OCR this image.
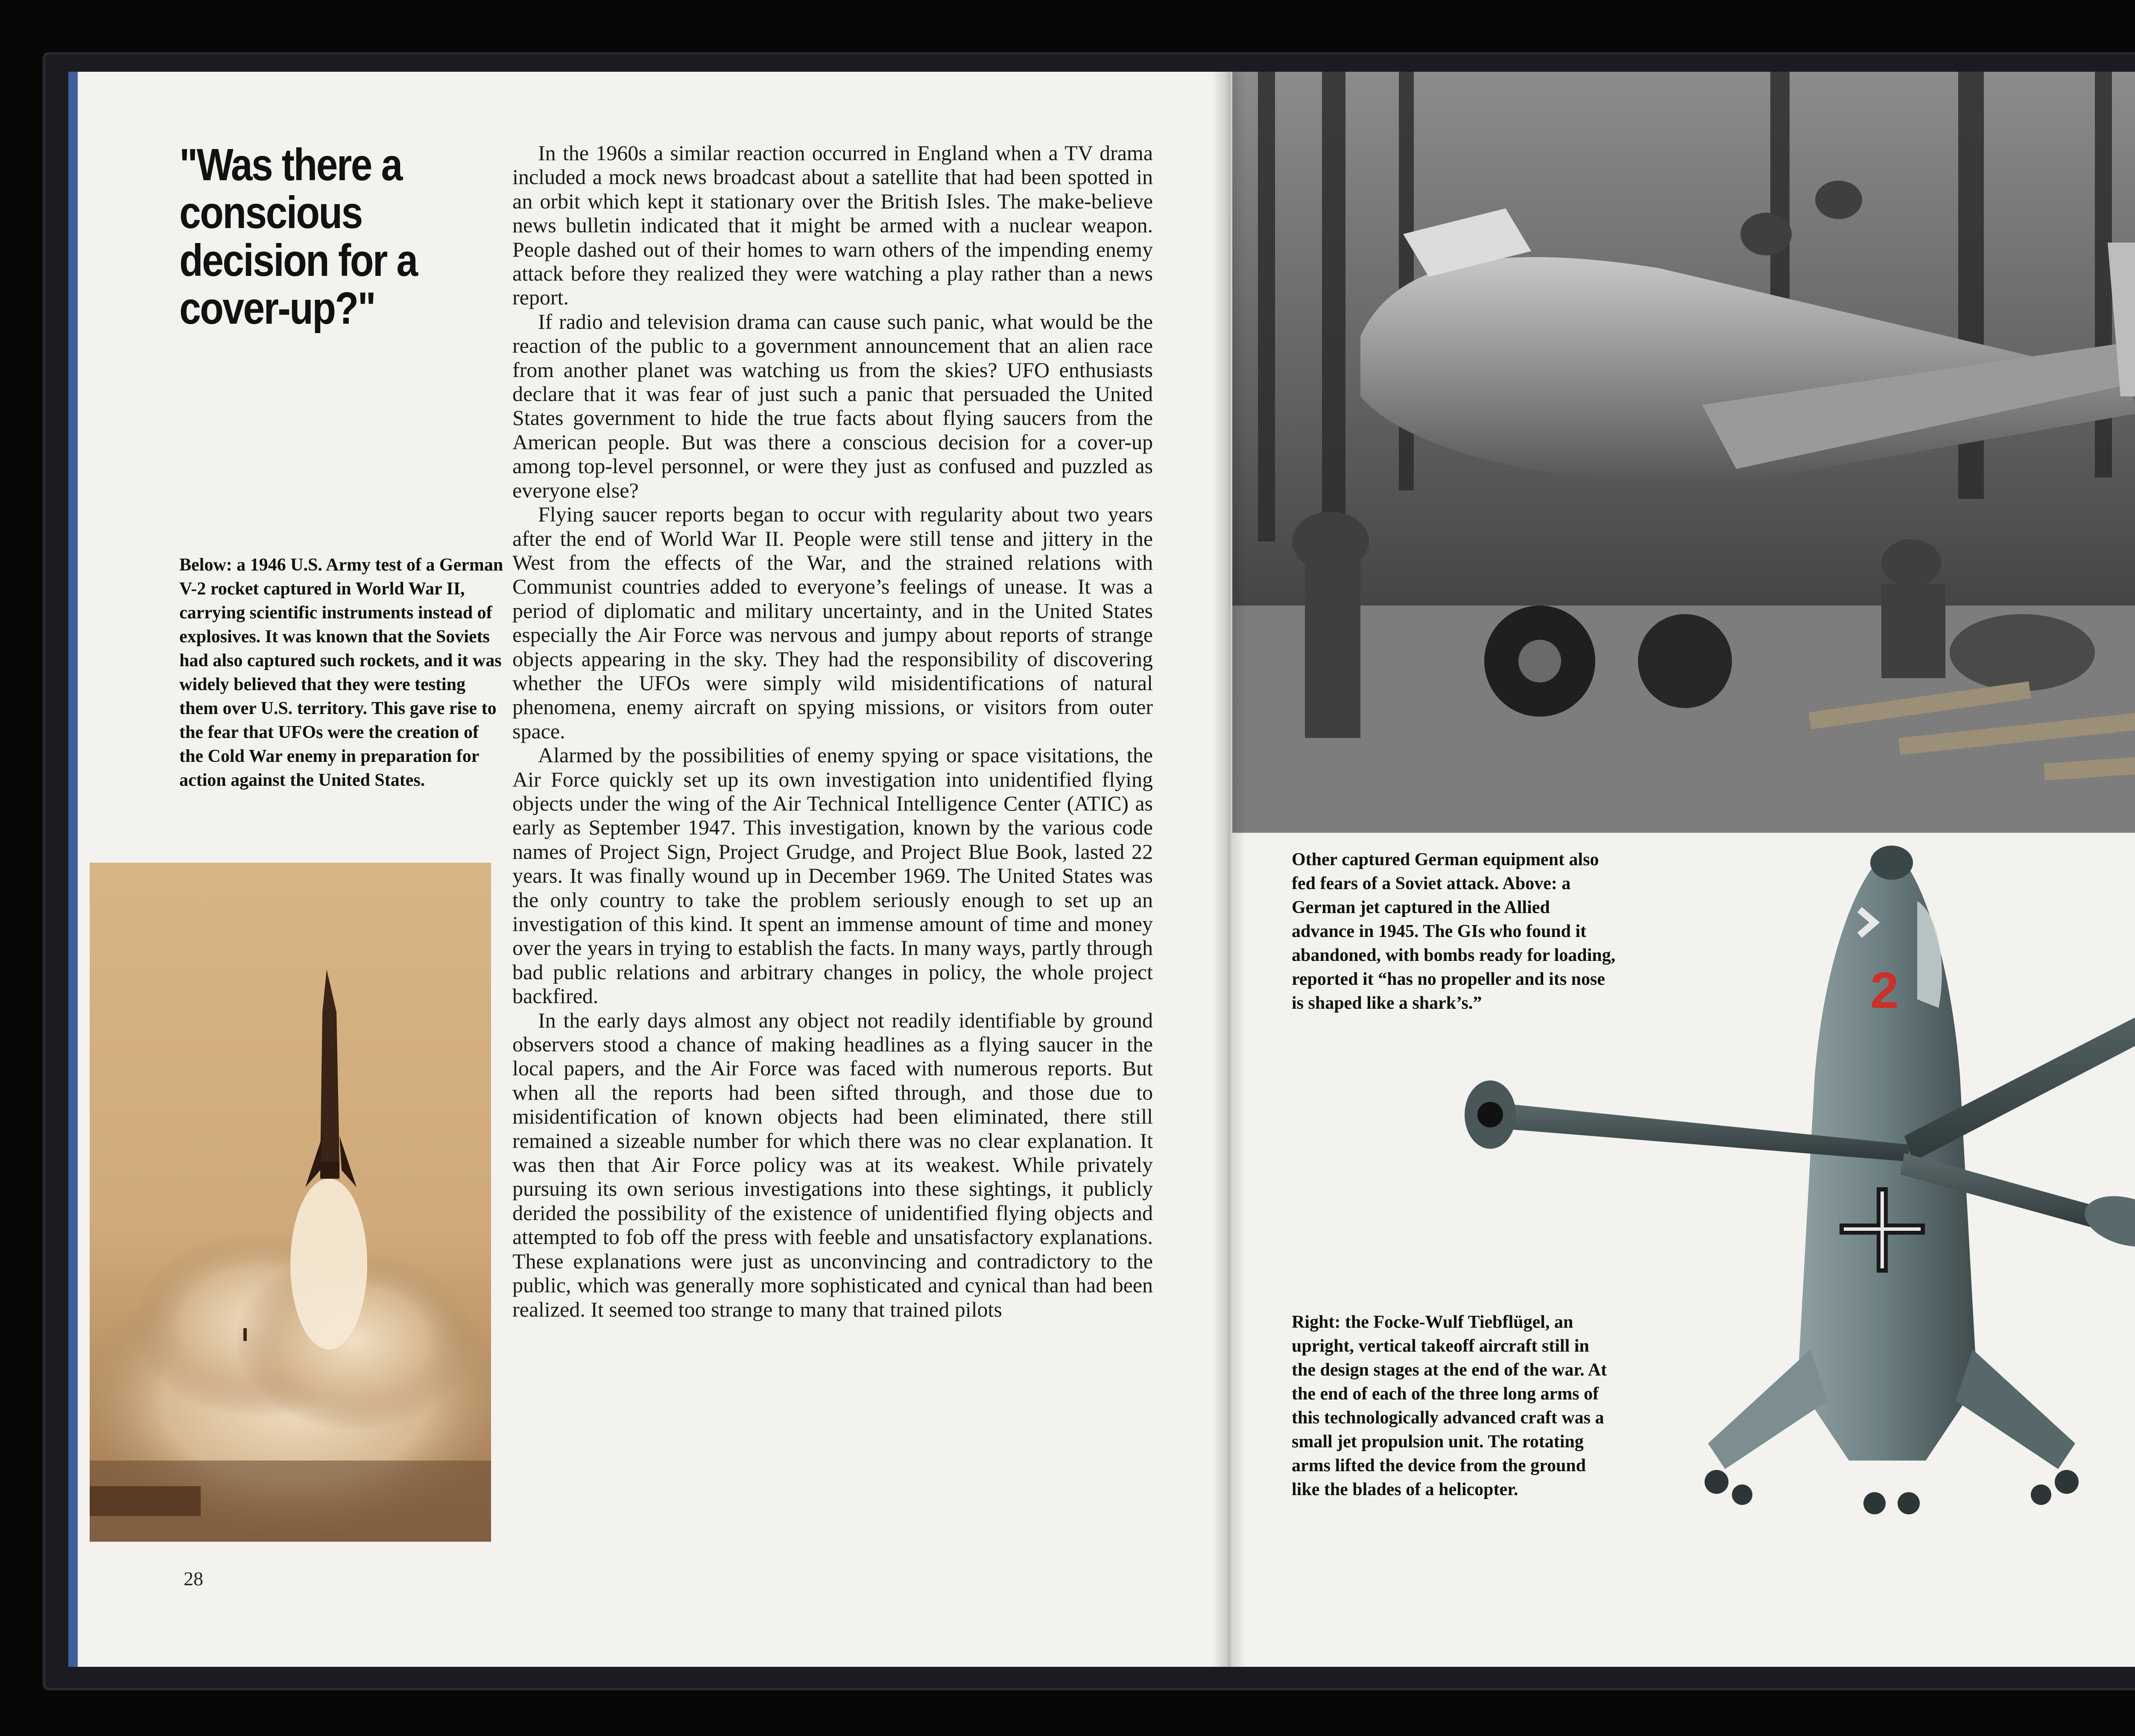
"Was there a conscious decision for a cover-up?"

Below: a 1946 U.S. Army test of a German V-2 rocket captured in World War II, carrying scientific instruments instead of explosives. It was known that the Soviets had also captured such rockets, and it was widely believed that they were testing them over U.S. territory. This gave rise to the fear that UFOs were the creation of the Cold War enemy in preparation for action against the United States.

In the 1960s a similar reaction occurred in England when a TV drama included a mock news broadcast about a satellite that had been spotted in an orbit which kept it stationary over the British Isles. The make-believe news bulletin indicated that it might be armed with a nuclear weapon. People dashed out of their homes to warn others of the impending enemy attack before they realized they were watching a play rather than a news report.

If radio and television drama can cause such panic, what would be the reaction of the public to a government announcement that an alien race from another planet was watching us from the skies? UFO enthusiasts declare that it was fear of just such a panic that persuaded the United States government to hide the true facts about flying saucers from the American people. But was there a conscious decision for a cover-up among top-level personnel, or were they just as confused and puzzled as everyone else?

Flying saucer reports began to occur with regularity about two years after the end of World War II. People were still tense and jittery in the West from the effects of the War, and the strained relations with Communist countries added to everyone’s feelings of unease. It was a period of diplomatic and military uncertainty, and in the United States especially the Air Force was nervous and jumpy about reports of strange objects appearing in the sky. They had the responsibility of discovering whether the UFOs were simply wild misidentifications of natural phenomena, enemy aircraft on spying missions, or visitors from outer space.

Alarmed by the possibilities of enemy spying or space visitations, the Air Force quickly set up its own investigation into unidentified flying objects under the wing of the Air Technical Intelligence Center (ATIC) as early as September 1947. This investigation, known by the various code names of Project Sign, Project Grudge, and Project Blue Book, lasted 22 years. It was finally wound up in December 1969. The United States was the only country to take the problem seriously enough to set up an investigation of this kind. It spent an immense amount of time and money over the years in trying to establish the facts. In many ways, partly through bad public relations and arbitrary changes in policy, the whole project backfired.

In the early days almost any object not readily identifiable by ground observers stood a chance of making headlines as a flying saucer in the local papers, and the Air Force was faced with numerous reports. But when all the reports had been sifted through, and those due to misidentification of known objects had been eliminated, there still remained a sizeable number for which there was no clear explanation. It was then that Air Force policy was at its weakest. While privately pursuing its own serious investigations into these sightings, it publicly derided the possibility of the existence of unidentified flying objects and attempted to fob off the press with feeble and unsatisfactory explanations. These explanations were just as unconvincing and contradictory to the public, which was generally more sophisticated and cynical than had been realized. It seemed too strange to many that trained pilots

28

Other captured German equipment also fed fears of a Soviet attack. Above: a German jet captured in the Allied advance in 1945. The GIs who found it abandoned, with bombs ready for loading, reported it “has no propeller and its nose is shaped like a shark’s.”	2

Right: the Focke-Wulf Tiebflügel, an upright, vertical takeoff aircraft still in the design stages at the end of the war. At the end of each of the three long arms of this technologically advanced craft was a small jet propulsion unit. The rotating arms lifted the device from the ground like the blades of a helicopter.
